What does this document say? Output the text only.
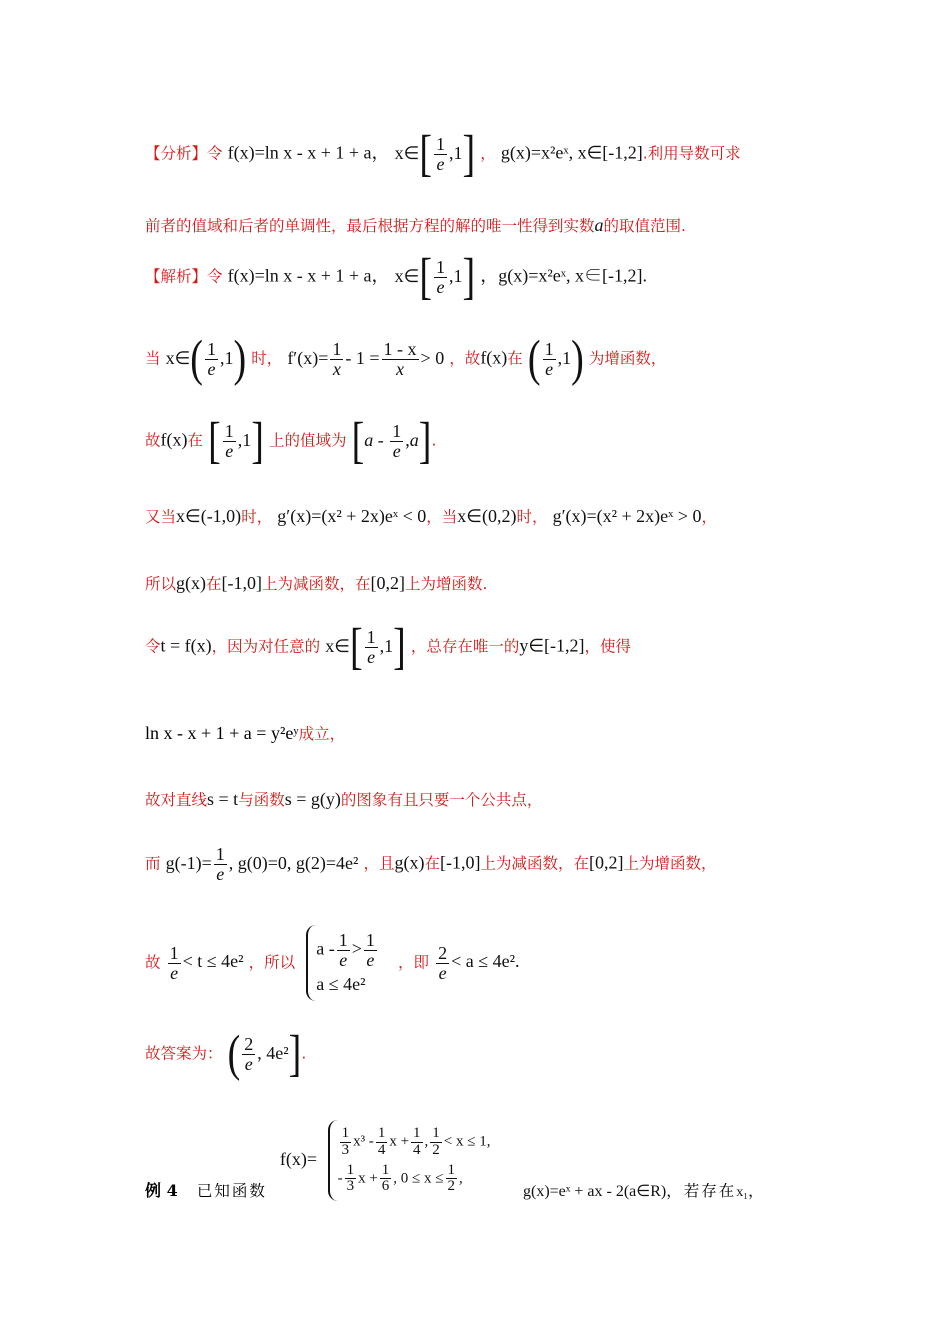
【分析】令 f(x)=ln x - x + 1 + a， x∈[ $\frac{1}{e} ,1$] ， g(x)=x²eˣ, x∈[-1,2].利用导数可求
前者的值域和后者的单调性，最后根据方程的解的唯一性得到实数a的取值范围.
【解析】令 f(x)=ln x - x + 1 + a， x∈[ $\frac{1}{e} ,1$] ，g(x)=x²eˣ, x∈[-1,2].
当 x∈( $\frac{1}{e} ,1$) 时， $f'(x)= \frac{1}{x} - 1 = \frac{1 - x}{x} > 0$ ，故f(x)在 ( $\frac{1}{e} ,1$) 为增函数，
故f(x)在 [ $\frac{1}{e} ,1$] 上的值域为 $[a - \frac{1}{e} ,a]$.
又当x∈(-1,0)时， g′(x)=(x² + 2x)eˣ < 0，当x∈(0,2)时， g′(x)=(x² + 2x)eˣ > 0，
所以g(x)在[-1,0]上为减函数，在[0,2]上为增函数.
令t = f(x)，因为对任意的 x∈[ $\frac{1}{e} ,1$] ，总存在唯一的y∈[-1,2]，使得
ln x - x + 1 + a = y²eʸ成立，
故对直线s = t与函数s = g(y)的图象有且只要一个公共点，
而 $g(-1)= \frac{1}{e}$ , g(0)=0, g(2)=4e² ，且g(x)在[-1,0]上为减函数，在[0,2]上为增函数，
故 $\frac{1}{e} < t \le 4e^2$ ，所以
$a - \frac{1}{e} > \frac{1}{e}$
a ≤ 4e²
，即 $\frac{2}{e} < a \le 4e^2$.
故答案为： ( $\frac{2}{e}$ , 4e²].
例 4 已知函数 f(x)=
$\frac{1}{3} x^3 - \frac{1}{4}$ $x + \frac{1}{4}$ , $\frac{1}{2} < x \le 1$,
- $\frac{1}{3}$ $x + \frac{1}{6}$ , $0 \le x \le \frac{1}{2}$ ,
g(x)=eˣ + ax - 2(a∈R)，若存在x₁，
